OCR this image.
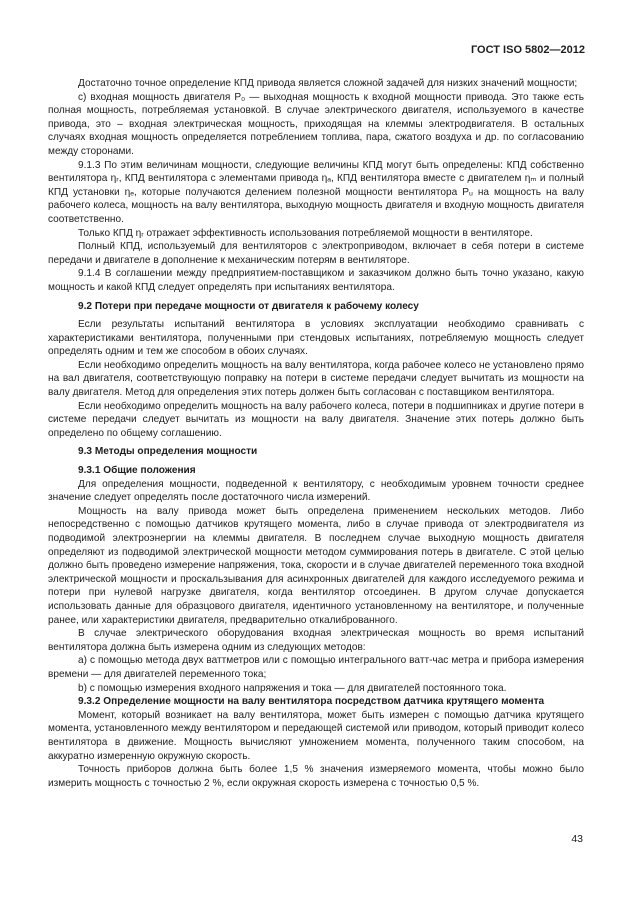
ГОСТ ISO 5802—2012

Достаточно точное определение КПД привода является сложной задачей для низких значений мощности;

c) входная мощность двигателя P₀ — выходная мощность к входной мощности привода. Это также есть полная мощность, потребляемая установкой. В случае электрического двигателя, используемого в качестве привода, это – входная электрическая мощность, приходящая на клеммы электродвигателя. В остальных случаях входная мощность определяется потреблением топлива, пара, сжатого воздуха и др. по согласованию между сторонами.

9.1.3 По этим величинам мощности, следующие величины КПД могут быть определены: КПД собственно вентилятора ηᵣ, КПД вентилятора с элементами привода ηₐ, КПД вентилятора вместе с двигателем ηₘ и полный КПД установки ηₑ, которые получаются делением полезной мощности вентилятора Pᵤ на мощность на валу рабочего колеса, мощность на валу вентилятора, выходную мощность двигателя и входную мощность двигателя соответственно.

Только КПД ηᵣ отражает эффективность использования потребляемой мощности в вентиляторе.

Полный КПД, используемый для вентиляторов с электроприводом, включает в себя потери в системе передачи и двигателе в дополнение к механическим потерям в вентиляторе.

9.1.4 В соглашении между предприятием-поставщиком и заказчиком должно быть точно указано, какую мощность и какой КПД следует определять при испытаниях вентилятора.

9.2 Потери при передаче мощности от двигателя к рабочему колесу

Если результаты испытаний вентилятора в условиях эксплуатации необходимо сравнивать с характеристиками вентилятора, полученными при стендовых испытаниях, потребляемую мощность следует определять одним и тем же способом в обоих случаях.

Если необходимо определить мощность на валу вентилятора, когда рабочее колесо не установлено прямо на вал двигателя, соответствующую поправку на потери в системе передачи следует вычитать из мощности на валу двигателя. Метод для определения этих потерь должен быть согласован с поставщиком вентилятора.

Если необходимо определить мощность на валу рабочего колеса, потери в подшипниках и другие потери в системе передачи следует вычитать из мощности на валу двигателя. Значение этих потерь должно быть определено по общему соглашению.

9.3 Методы определения мощности

9.3.1 Общие положения

Для определения мощности, подведенной к вентилятору, с необходимым уровнем точности среднее значение следует определять после достаточного числа измерений.

Мощность на валу привода может быть определена применением нескольких методов. Либо непосредственно с помощью датчиков крутящего момента, либо в случае привода от электродвигателя из подводимой электроэнергии на клеммы двигателя. В последнем случае выходную мощность двигателя определяют из подводимой электрической мощности методом суммирования потерь в двигателе. С этой целью должно быть проведено измерение напряжения, тока, скорости и в случае двигателей переменного тока входной электрической мощности и проскальзывания для асинхронных двигателей для каждого исследуемого режима и потери при нулевой нагрузке двигателя, когда вентилятор отсоединен. В другом случае допускается использовать данные для образцового двигателя, идентичного установленному на вентиляторе, и полученные ранее, или характеристики двигателя, предварительно откалиброванного.

В случае электрического оборудования входная электрическая мощность во время испытаний вентилятора должна быть измерена одним из следующих методов:

a) с помощью метода двух ваттметров или с помощью интегрального ватт-час метра и прибора измерения времени — для двигателей переменного тока;

b) с помощью измерения входного напряжения и тока — для двигателей постоянного тока.

9.3.2 Определение мощности на валу вентилятора посредством датчика крутящего момента

Момент, который возникает на валу вентилятора, может быть измерен с помощью датчика крутящего момента, установленного между вентилятором и передающей системой или приводом, который приводит колесо вентилятора в движение. Мощность вычисляют умножением момента, полученного таким способом, на аккуратно измеренную окружную скорость.

Точность приборов должна быть более 1,5 % значения измеряемого момента, чтобы можно было измерить мощность с точностью 2 %, если окружная скорость измерена с точностью 0,5 %.

43
